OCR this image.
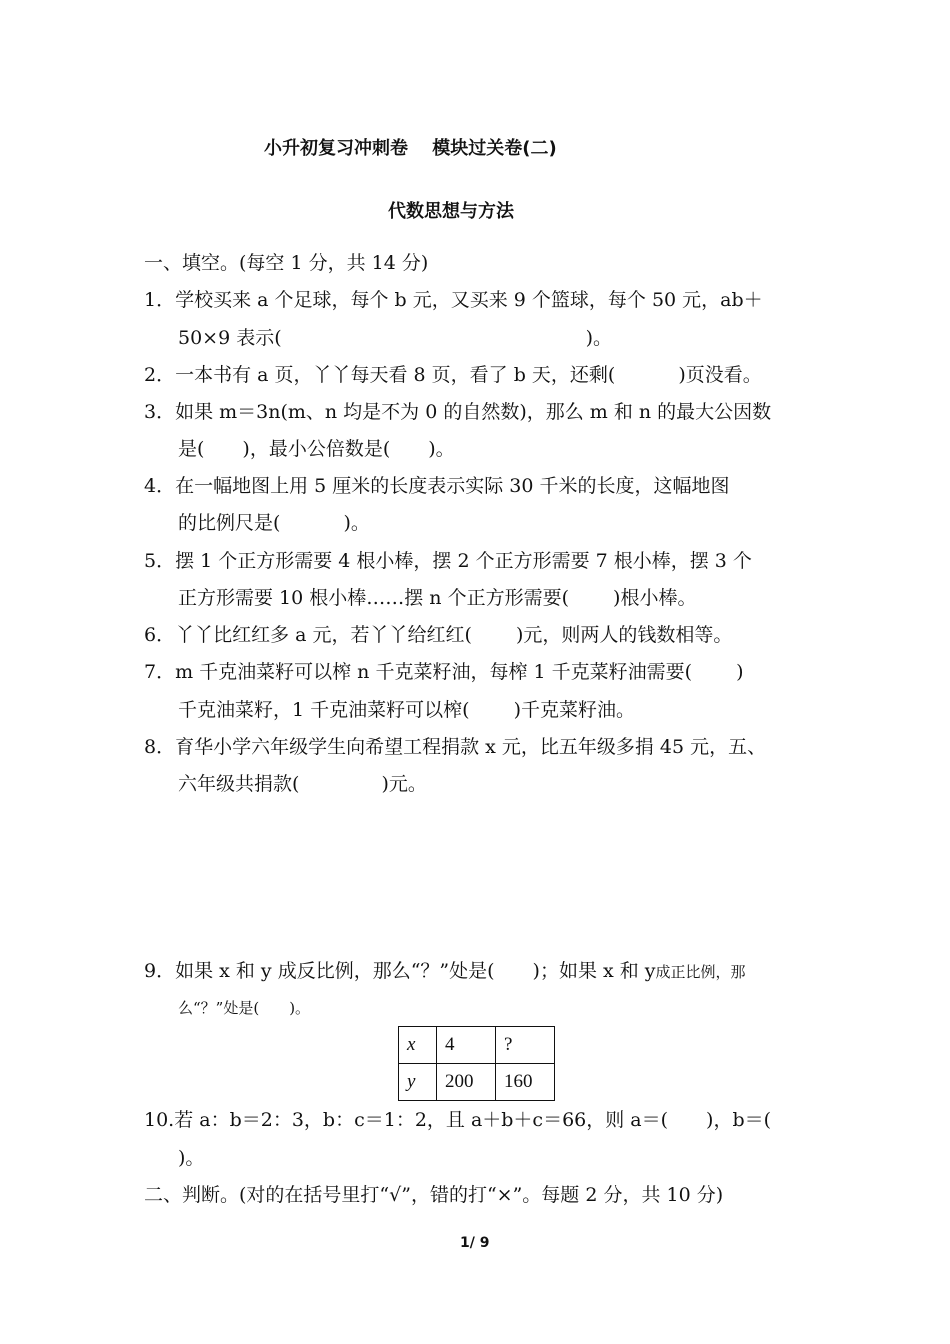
小升初复习冲刺卷　 模块过关卷(二)
代数思想与方法
一、填空。(每空 1 分，共 14 分)
1．学校买来 a 个足球，每个 b 元，又买来 9 个篮球，每个 50 元，ab＋
50×9 表示(　　　　　　　　　　　　　　　　)。
2．一本书有 a 页，丫丫每天看 8 页，看了 b 天，还剩(　　　 )页没看。
3．如果 m＝3n(m、n 均是不为 0 的自然数)，那么 m 和 n 的最大公因数
是(　　)，最小公倍数是(　　)。
4．在一幅地图上用 5 厘米的长度表示实际 30 千米的长度，这幅地图
的比例尺是(　　　 )。
5．摆 1 个正方形需要 4 根小棒，摆 2 个正方形需要 7 根小棒，摆 3 个
正方形需要 10 根小棒……摆 n 个正方形需要(　　 )根小棒。
6．丫丫比红红多 a 元，若丫丫给红红(　　 )元，则两人的钱数相等。
7．m 千克油菜籽可以榨 n 千克菜籽油，每榨 1 千克菜籽油需要(　　 )
千克油菜籽，1 千克油菜籽可以榨(　　 )千克菜籽油。
8．育华小学六年级学生向希望工程捐款 x 元，比五年级多捐 45 元，五、
六年级共捐款(　　　　 )元。
9．如果 x 和 y 成反比例，那么“？”处是(　　)；如果 x 和 y成正比例，那
么“？”处是(　　)。
x	4	?
y	200	160
10.若 a：b＝2：3，b：c＝1：2，且 a＋b＋c＝66，则 a＝(　　)，b＝(
)。
二、判断。(对的在括号里打“√”，错的打“×”。每题 2 分，共 10 分)
1/ 9
